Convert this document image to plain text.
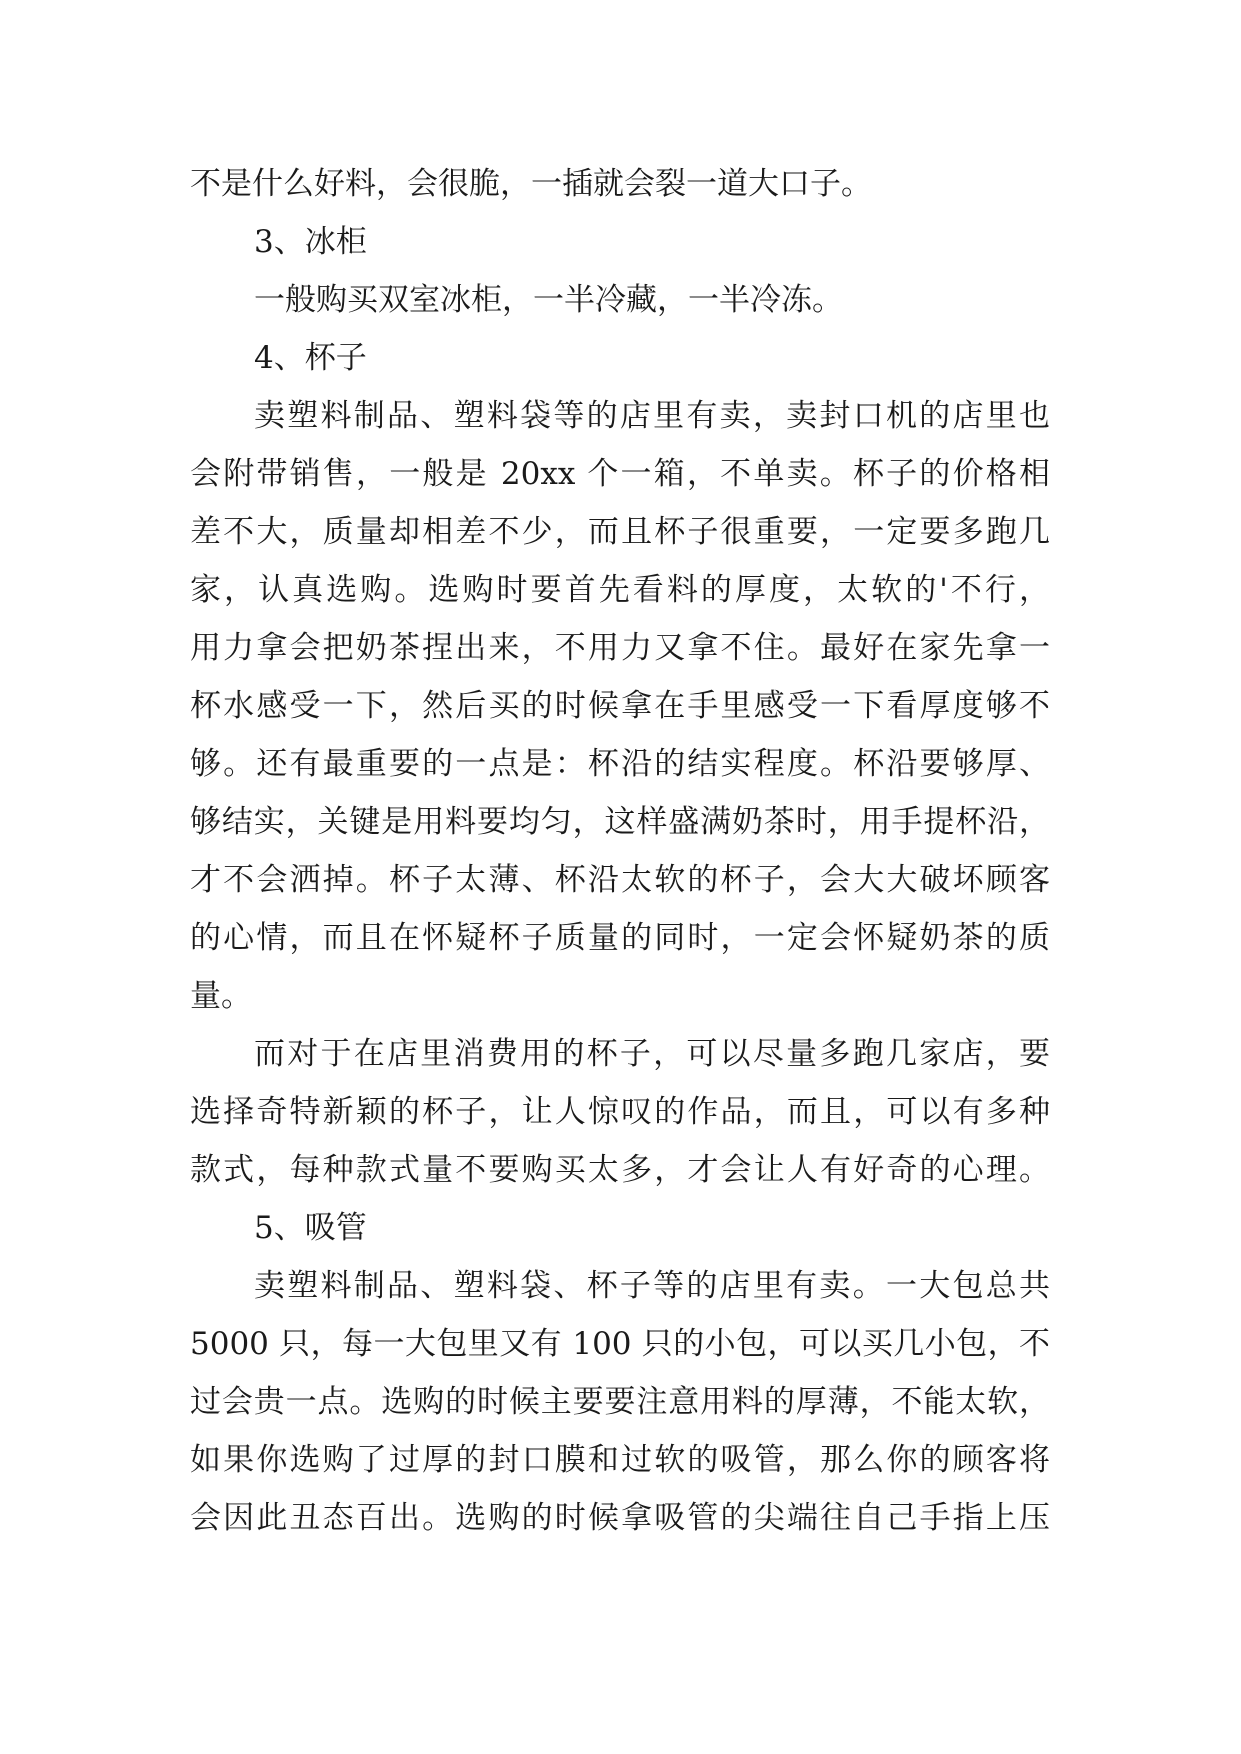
不是什么好料，会很脆，一插就会裂一道大口子。
3、冰柜
一般购买双室冰柜，一半冷藏，一半冷冻。
4、杯子
卖塑料制品、塑料袋等的店里有卖，卖封口机的店里也
会附带销售，一般是 20xx 个一箱，不单卖。杯子的价格相
差不大，质量却相差不少，而且杯子很重要，一定要多跑几
家，认真选购。选购时要首先看料的厚度，太软的'不行，
用力拿会把奶茶捏出来，不用力又拿不住。最好在家先拿一
杯水感受一下，然后买的时候拿在手里感受一下看厚度够不
够。还有最重要的一点是：杯沿的结实程度。杯沿要够厚、
够结实，关键是用料要均匀，这样盛满奶茶时，用手提杯沿，
才不会洒掉。杯子太薄、杯沿太软的杯子，会大大破坏顾客
的心情，而且在怀疑杯子质量的同时，一定会怀疑奶茶的质
量。
而对于在店里消费用的杯子，可以尽量多跑几家店，要
选择奇特新颖的杯子，让人惊叹的作品，而且，可以有多种
款式，每种款式量不要购买太多，才会让人有好奇的心理。
5、吸管
卖塑料制品、塑料袋、杯子等的店里有卖。一大包总共
5000 只，每一大包里又有 100 只的小包，可以买几小包，不
过会贵一点。选购的时候主要要注意用料的厚薄，不能太软，
如果你选购了过厚的封口膜和过软的吸管，那么你的顾客将
会因此丑态百出。选购的时候拿吸管的尖端往自己手指上压
